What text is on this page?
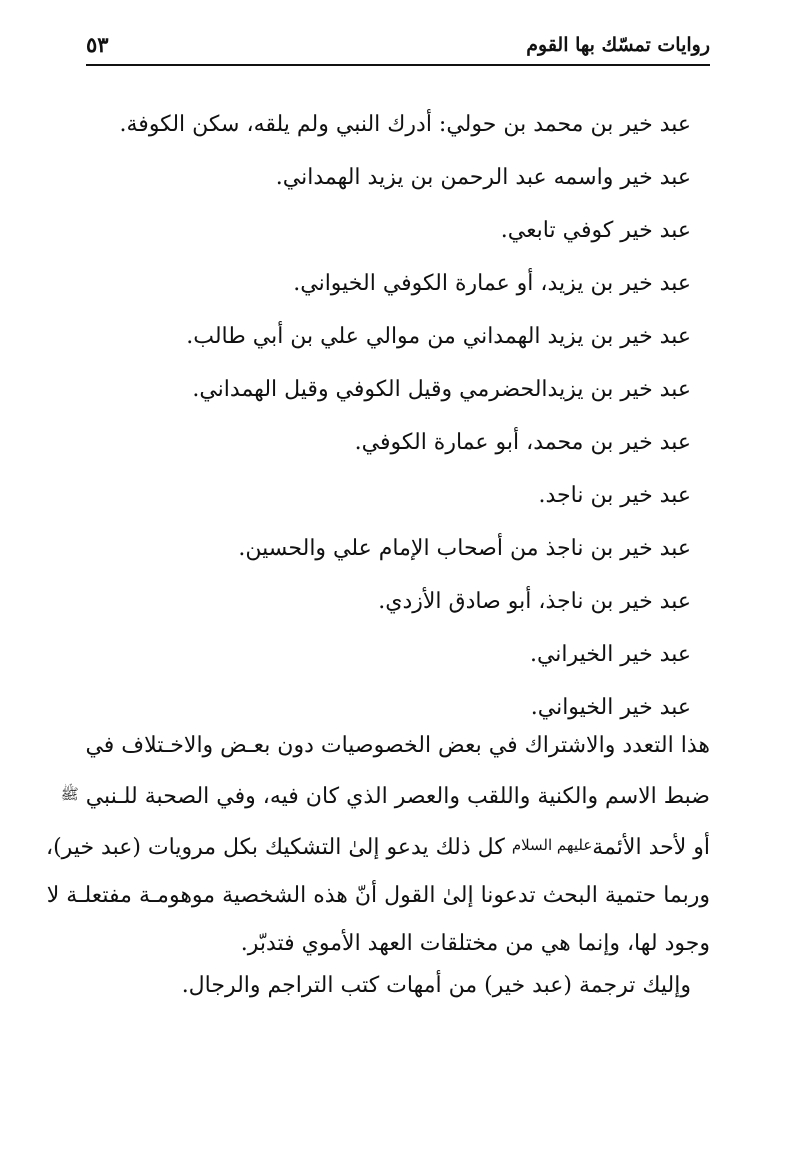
روايات تمسّك بها القوم
٥٣
عبد خير بن محمد بن حولي: أدرك النبي ولم يلقه، سكن الكوفة.
عبد خير واسمه عبد الرحمن بن يزيد الهمداني.
عبد خير كوفي تابعي.
عبد خير بن يزيد، أو عمارة الكوفي الخيواني.
عبد خير بن يزيد الهمداني من موالي علي بن أبي طالب.
عبد خير بن يزيدالحضرمي وقيل الكوفي وقيل الهمداني.
عبد خير بن محمد، أبو عمارة الكوفي.
عبد خير بن ناجد.
عبد خير بن ناجذ من أصحاب الإمام علي والحسين.
عبد خير بن ناجذ، أبو صادق الأزدي.
عبد خير الخيراني.
عبد خير الخيواني.
هذا التعدد والاشتراك في بعض الخصوصيات دون بعـض والاخـتلاف في
ضبط الاسم والكنية واللقب والعصر الذي كان فيه، وفي الصحبة للـنبي ﷺ
أو لأحد الأئمةعليهم السلام كل ذلك يدعو إلىٰ التشكيك بكل مرويات (عبد خير)،
وربما حتمية البحث تدعونا إلىٰ القول أنّ هذه الشخصية موهومـة مفتعلـة لا
وجود لها، وإنما هي من مختلقات العهد الأموي فتدبّر.
وإليك ترجمة (عبد خير) من أمهات كتب التراجم والرجال.
